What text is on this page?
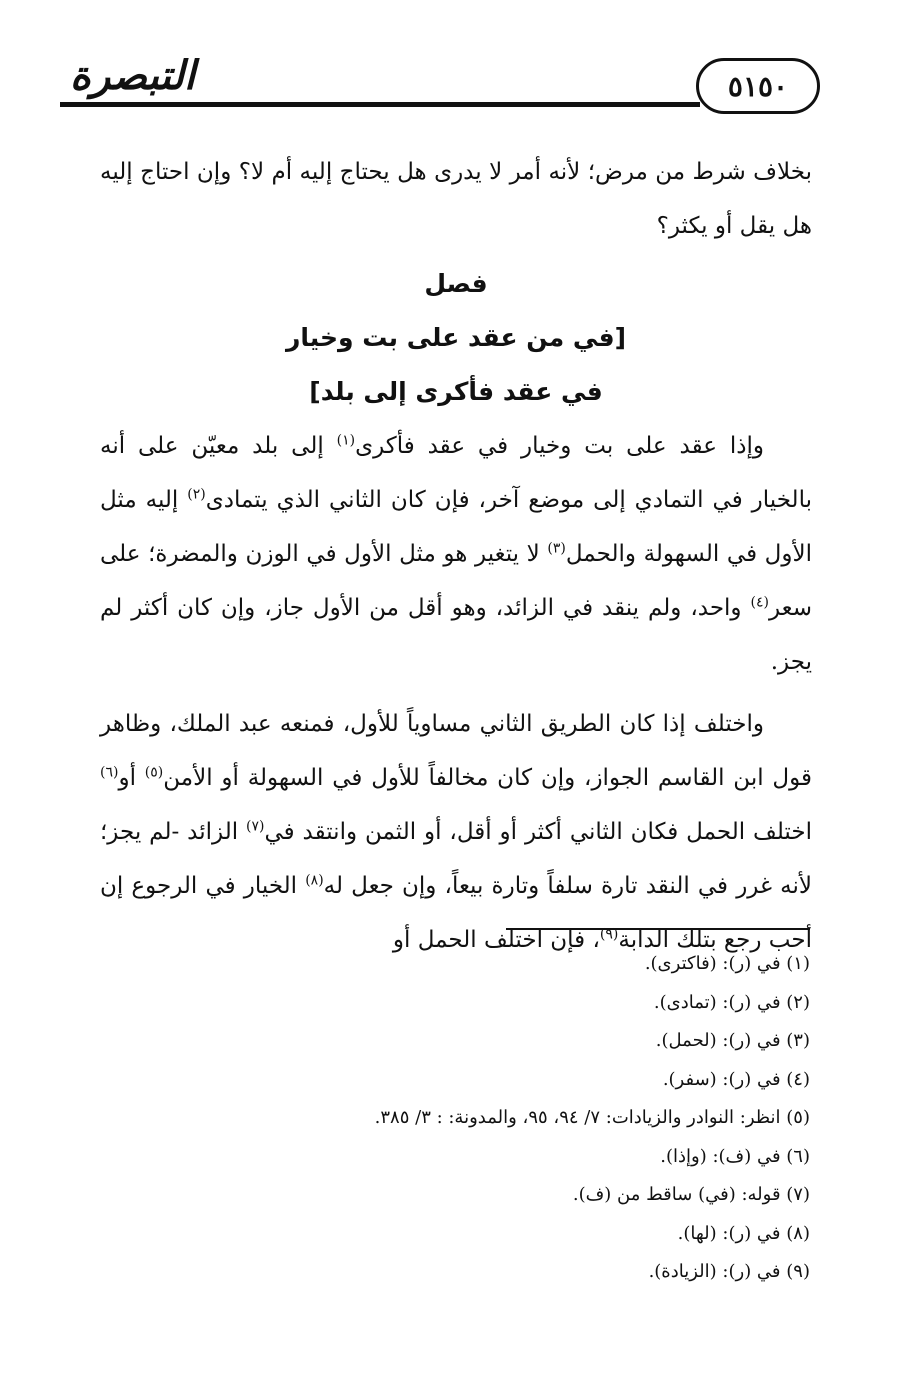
التبصرة	٥١٥٠

بخلاف شرط من مرض؛ لأنه أمر لا يدرى هل يحتاج إليه أم لا؟ وإن احتاج إليه هل يقل أو يكثر؟

فصل

[في من عقد على بت وخيار

في عقد فأكرى إلى بلد]

وإذا عقد على بت وخيار في عقد فأكرى$^{(١)}$ إلى بلد معيّن على أنه بالخيار في التمادي إلى موضع آخر، فإن كان الثاني الذي يتمادى$^{(٢)}$ إليه مثل الأول في السهولة والحمل$^{(٣)}$ لا يتغير هو مثل الأول في الوزن والمضرة؛ على سعر$^{(٤)}$ واحد، ولم ينقد في الزائد، وهو أقل من الأول جاز، وإن كان أكثر لم يجز.

واختلف إذا كان الطريق الثاني مساوياً للأول، فمنعه عبد الملك، وظاهر قول ابن القاسم الجواز، وإن كان مخالفاً للأول في السهولة أو الأمن$^{(٥)}$ أو$^{(٦)}$ اختلف الحمل فكان الثاني أكثر أو أقل، أو الثمن وانتقد في$^{(٧)}$ الزائد -لم يجز؛ لأنه غرر في النقد تارة سلفاً وتارة بيعاً، وإن جعل له$^{(٨)}$ الخيار في الرجوع إن أحب رجع بتلك الدابة$^{(٩)}$، فإن اختلف الحمل أو

(١) في (ر): (فاكترى).
(٢) في (ر): (تمادى).
(٣) في (ر): (لحمل).
(٤) في (ر): (سفر).
(٥) انظر: النوادر والزيادات: ٧/ ٩٤، ٩٥، والمدونة: : ٣/ ٣٨٥.
(٦) في (ف): (وإذا).
(٧) قوله: (في) ساقط من (ف).
(٨) في (ر): (لها).
(٩) في (ر): (الزيادة).
